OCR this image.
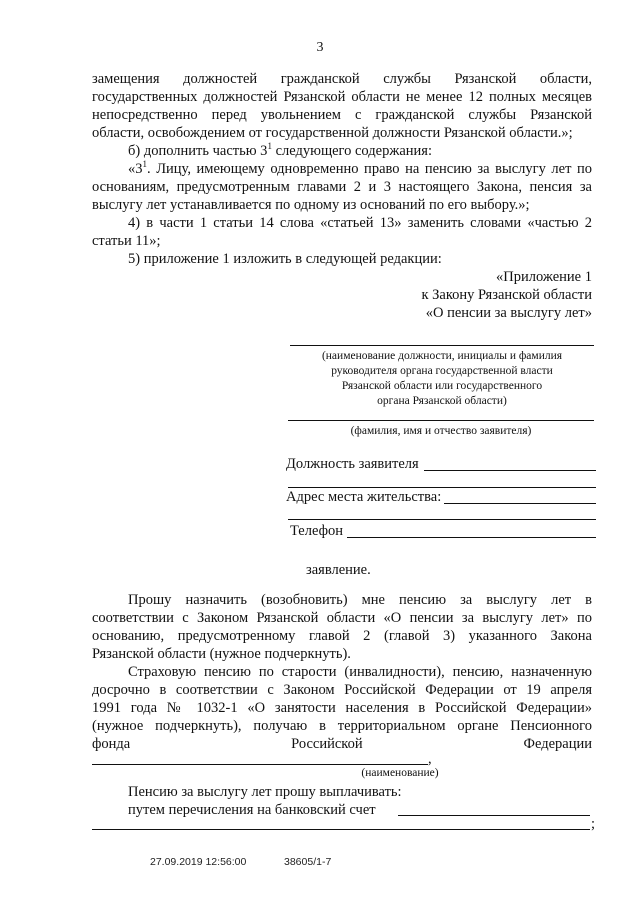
3
замещения должностей гражданской службы Рязанской области,
государственных должностей Рязанской области не менее 12 полных месяцев
непосредственно перед увольнением с гражданской службы Рязанской
области, освобождением от государственной должности Рязанской области.»;
б) дополнить частью $3^1$ следующего содержания:
«$3^1$. Лицу, имеющему одновременно право на пенсию за выслугу лет по
основаниям, предусмотренным главами 2 и 3 настоящего Закона, пенсия за
выслугу лет устанавливается по одному из оснований по его выбору.»;
4) в части 1 статьи 14 слова «статьей 13» заменить словами «частью 2
статьи 11»;
5) приложение 1 изложить в следующей редакции:
«Приложение 1
к Закону Рязанской области
«О пенсии за выслугу лет»
(наименование должности, инициалы и фамилия
руководителя органа государственной власти
Рязанской области или государственного
органа Рязанской области)
(фамилия, имя и отчество заявителя)
Должность заявителя
Адрес места жительства:
Телефон
заявление.
Прошу назначить (возобновить) мне пенсию за выслугу лет в
соответствии с Законом Рязанской области «О пенсии за выслугу лет» по
основанию, предусмотренному главой 2 (главой 3) указанного Закона
Рязанской области (нужное подчеркнуть).
Страховую пенсию по старости (инвалидности), пенсию, назначенную
досрочно в соответствии с Законом Российской Федерации от 19 апреля
1991 года № 1032-1 «О занятости населения в Российской Федерации»
(нужное подчеркнуть), получаю в территориальном органе Пенсионного
фонда Российской Федерации
,
(наименование)
Пенсию за выслугу лет прошу выплачивать:
путем перечисления на банковский счет
;
27.09.2019 12:56:00	38605/1-7
